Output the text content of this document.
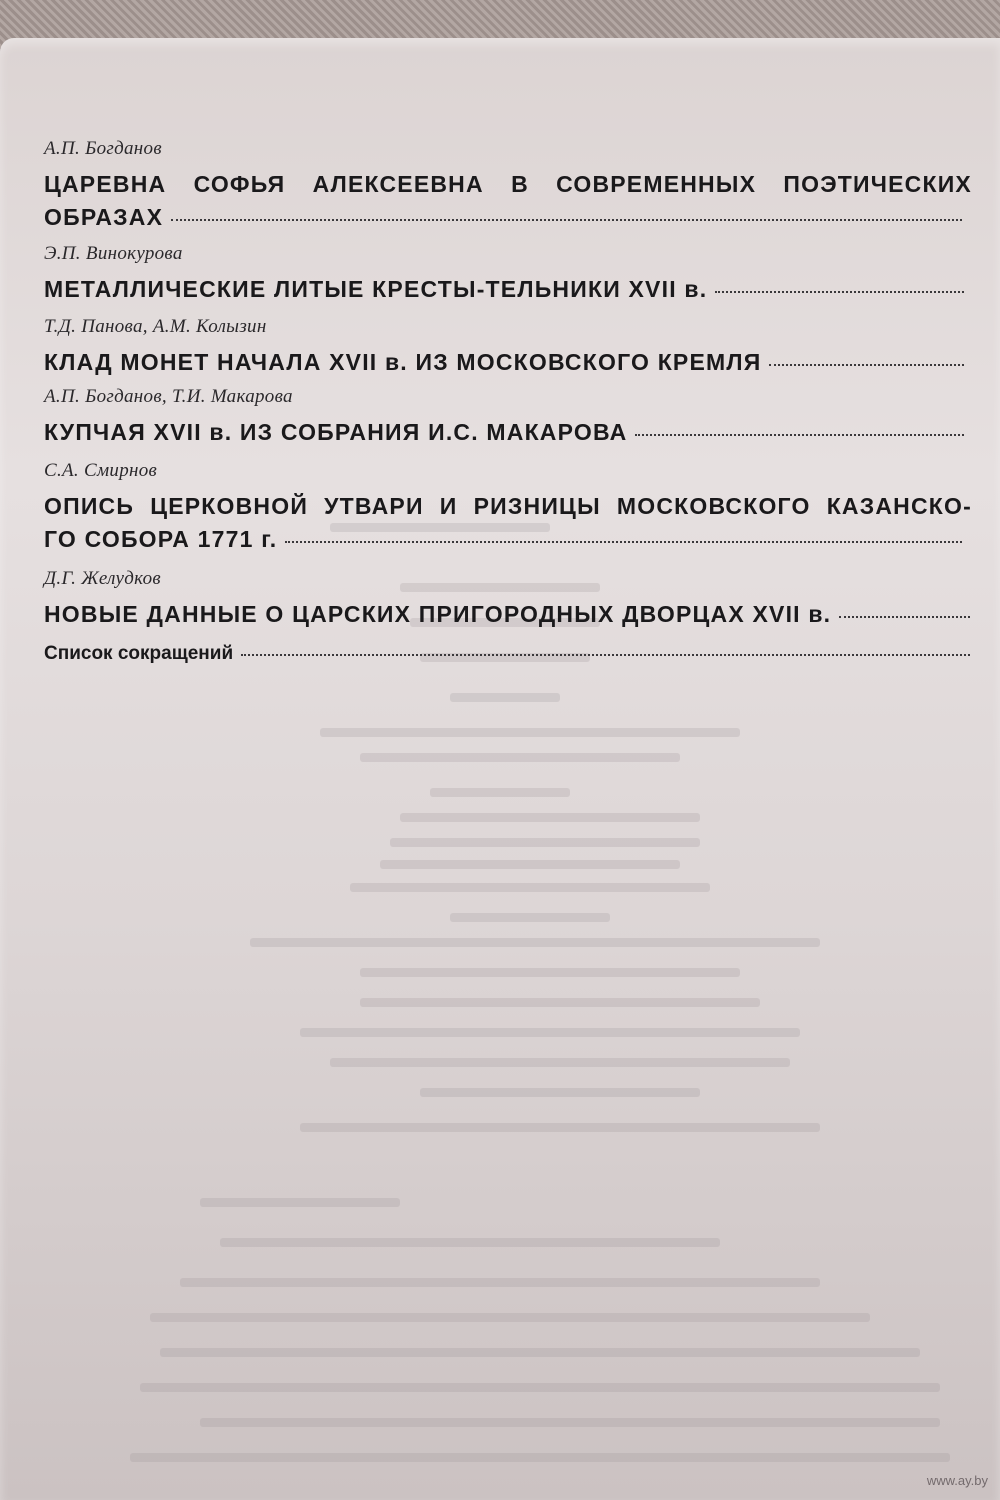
А.П. Богданов
ЦАРЕВНА СОФЬЯ АЛЕКСЕЕВНА В СОВРЕМЕННЫХ ПОЭТИЧЕСКИХ
ОБРАЗАХ
Э.П. Винокурова
МЕТАЛЛИЧЕСКИЕ ЛИТЫЕ КРЕСТЫ-ТЕЛЬНИКИ XVII в.
Т.Д. Панова, А.М. Колызин
КЛАД МОНЕТ НАЧАЛА XVII в. ИЗ МОСКОВСКОГО КРЕМЛЯ
А.П. Богданов, Т.И. Макарова
КУПЧАЯ XVII в. ИЗ СОБРАНИЯ И.С. МАКАРОВА
С.А. Смирнов
ОПИСЬ ЦЕРКОВНОЙ УТВАРИ И РИЗНИЦЫ МОСКОВСКОГО КАЗАНСКО-
ГО СОБОРА 1771 г.
Д.Г. Желудков
НОВЫЕ ДАННЫЕ О ЦАРСКИХ ПРИГОРОДНЫХ ДВОРЦАХ XVII в.
Список сокращений
www.ay.by
